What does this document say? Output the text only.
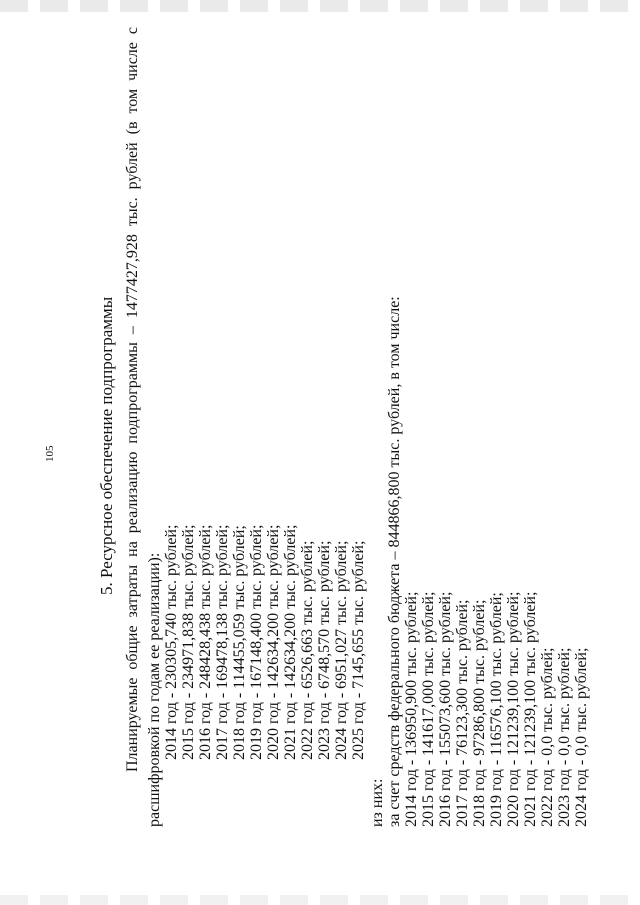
105 5. Ресурсное обеспечение подпрограммы Планируемые общие затраты на реализацию подпрограммы – 1477427,928 тыс. рублей (в том числе с расшифровкой по годам ее реализации): 2014 год - 230305,740 тыс. рублей; 2015 год - 234971,838 тыс. рублей; 2016 год - 248428,438 тыс. рублей; 2017 год - 169478,138 тыс. рублей; 2018 год - 114455,059 тыс. рублей; 2019 год - 167148,400 тыс. рублей; 2020 год - 142634,200 тыс. рублей; 2021 год - 142634,200 тыс. рублей; 2022 год - 6526,663 тыс. рублей; 2023 год - 6748,570 тыс. рублей; 2024 год - 6951,027 тыс. рублей; 2025 год - 7145,655 тыс. рублей;
из них: за счет средств федерального бюджета – 844866,800 тыс. рублей, в том числе: 2014 год - 136950,900 тыс. рублей; 2015 год - 141617,000 тыс. рублей; 2016 год - 155073,600 тыс. рублей; 2017 год - 76123,300 тыс. рублей; 2018 год - 97286,800 тыс. рублей; 2019 год - 116576,100 тыс. рублей; 2020 год - 121239,100 тыс. рублей; 2021 год - 121239,100 тыс. рублей; 2022 год - 0,0 тыс. рублей; 2023 год - 0,0 тыс. рублей; 2024 год - 0,0 тыс. рублей;
